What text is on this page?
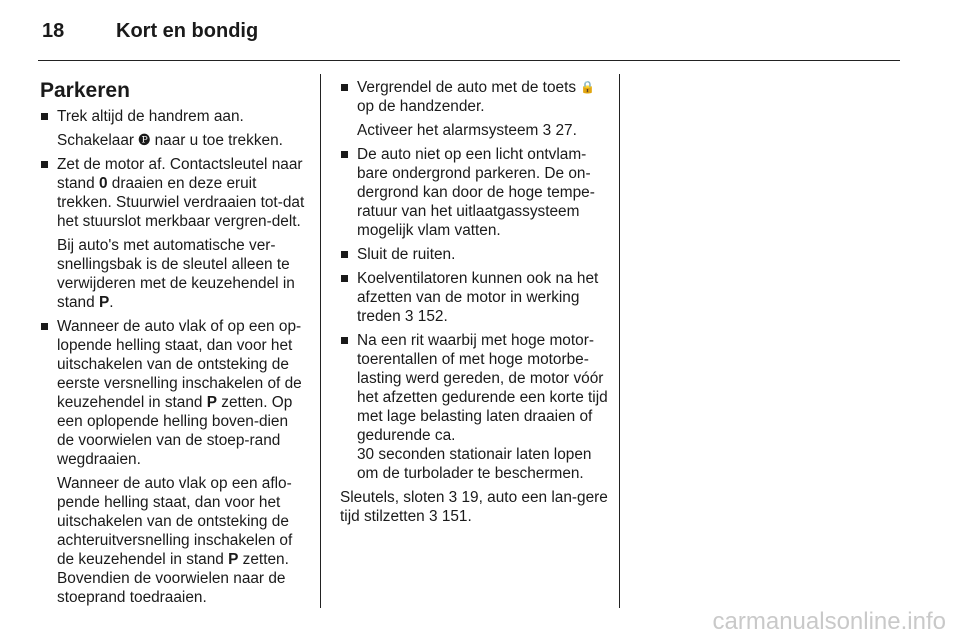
18	Kort en bondig
Parkeren

Trek altijd de handrem aan.

Schakelaar 🅟 naar u toe trekken.

Zet de motor af. Contactsleutel naar stand 0 draaien en deze eruit trekken. Stuurwiel verdraaien tot-dat het stuurslot merkbaar vergren-delt.

Bij auto's met automatische ver-snellingsbak is de sleutel alleen te verwijderen met de keuzehendel in stand P.

Wanneer de auto vlak of op een op-lopende helling staat, dan voor het uitschakelen van de ontsteking de eerste versnelling inschakelen of de keuzehendel in stand P zetten. Op een oplopende helling boven-dien de voorwielen van de stoep-rand wegdraaien.

Wanneer de auto vlak op een aflo-pende helling staat, dan voor het uitschakelen van de ontsteking de achteruitversnelling inschakelen of de keuzehendel in stand P zetten. Bovendien de voorwielen naar de stoeprand toedraaien.

Vergrendel de auto met de toets 🔒 op de handzender.

Activeer het alarmsysteem 3 27.

De auto niet op een licht ontvlam-bare ondergrond parkeren. De on-dergrond kan door de hoge tempe-ratuur van het uitlaatgassysteem mogelijk vlam vatten.

Sluit de ruiten.

Koelventilatoren kunnen ook na het afzetten van de motor in werking treden 3 152.

Na een rit waarbij met hoge motor-toerentallen of met hoge motorbe-lasting werd gereden, de motor vóór het afzetten gedurende een korte tijd met lage belasting laten draaien of gedurende ca.

30 seconden stationair laten lopen om de turbolader te beschermen.

Sleutels, sloten 3 19, auto een lan-gere tijd stilzetten 3 151.

carmanualsonline.info
